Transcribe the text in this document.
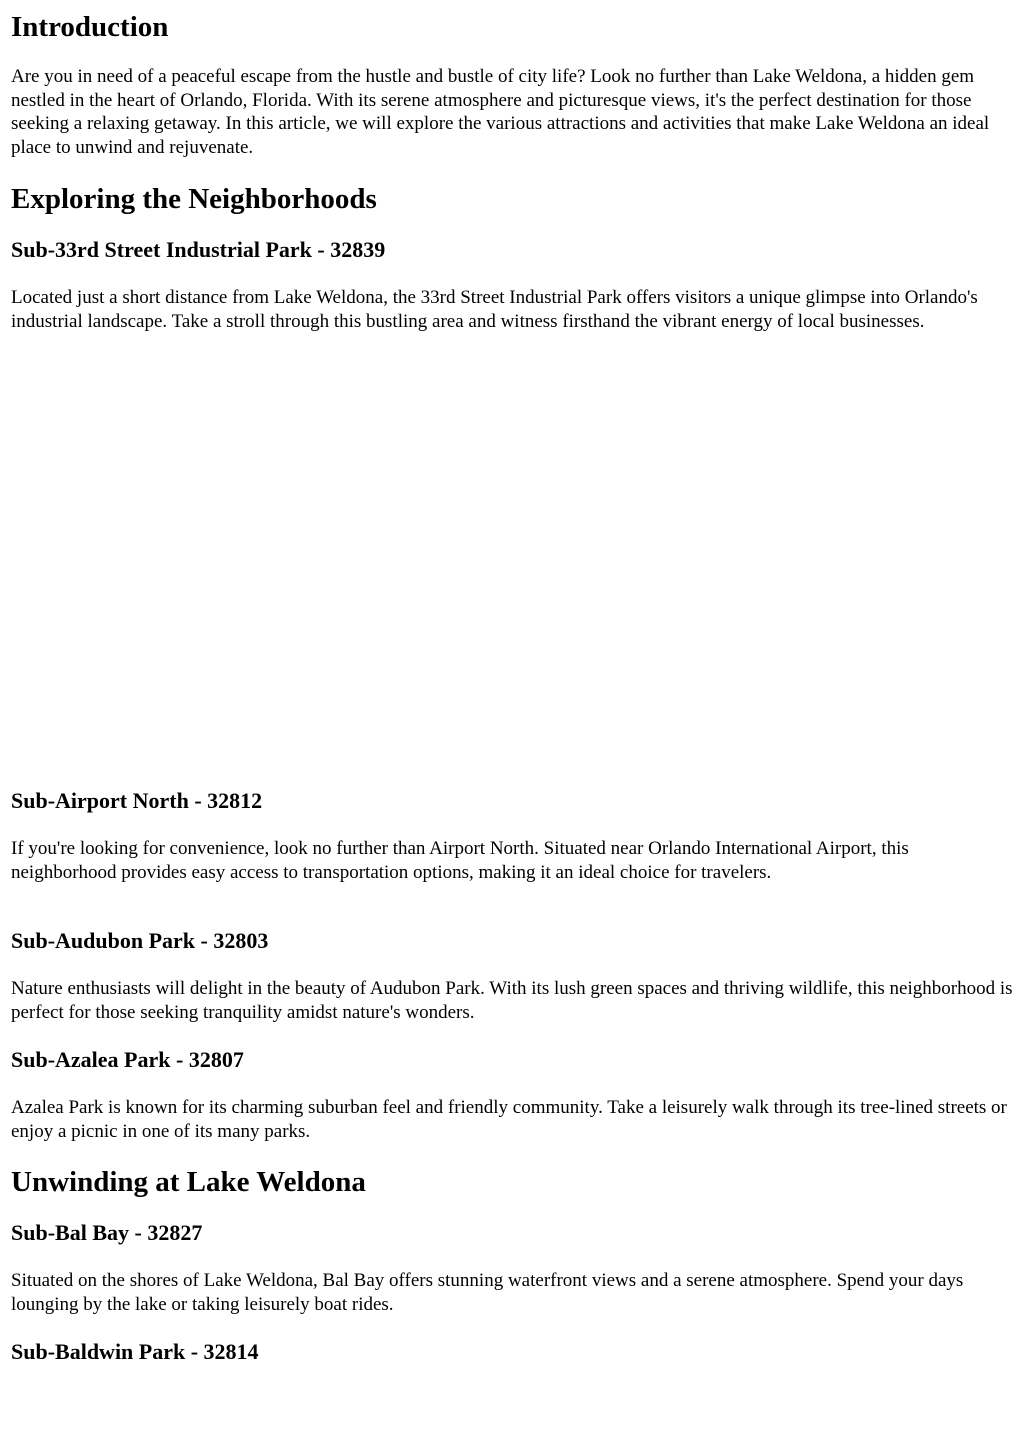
Introduction

Are you in need of a peaceful escape from the hustle and bustle of city life? Look no further than Lake Weldona, a hidden gem nestled in the heart of Orlando, Florida. With its serene atmosphere and picturesque views, it's the perfect destination for those seeking a relaxing getaway. In this article, we will explore the various attractions and activities that make Lake Weldona an ideal place to unwind and rejuvenate.

Exploring the Neighborhoods
Sub-33rd Street Industrial Park - 32839

Located just a short distance from Lake Weldona, the 33rd Street Industrial Park offers visitors a unique glimpse into Orlando's industrial landscape. Take a stroll through this bustling area and witness firsthand the vibrant energy of local businesses.

Sub-Airport North - 32812

If you're looking for convenience, look no further than Airport North. Situated near Orlando International Airport, this neighborhood provides easy access to transportation options, making it an ideal choice for travelers.

Sub-Audubon Park - 32803

Nature enthusiasts will delight in the beauty of Audubon Park. With its lush green spaces and thriving wildlife, this neighborhood is perfect for those seeking tranquility amidst nature's wonders.

Sub-Azalea Park - 32807

Azalea Park is known for its charming suburban feel and friendly community. Take a leisurely walk through its tree-lined streets or enjoy a picnic in one of its many parks.

Unwinding at Lake Weldona
Sub-Bal Bay - 32827

Situated on the shores of Lake Weldona, Bal Bay offers stunning waterfront views and a serene atmosphere. Spend your days lounging by the lake or taking leisurely boat rides.

Sub-Baldwin Park - 32814
